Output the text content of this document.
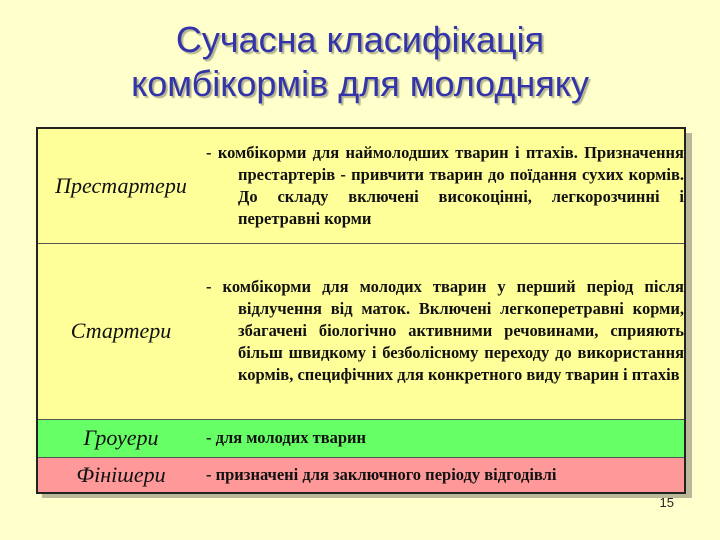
Сучасна класифікація
комбікормів для молодняку
Престартери	- комбікорми для наймолодших тварин і птахів. Призначення престартерів - привчити тварин до поїдання сухих кормів. До складу включені високоцінні, легкорозчинні і перетравні корми

Стартери	- комбікорми для молодих тварин у перший період після відлучення від маток. Включені легкоперетравні корми, збагачені біологічно активними речовинами, сприяють більш швидкому і безболісному переходу до використання кормів, специфічних для конкретного виду тварин і птахів

Гроуери	- для молодих тварин

Фінішери	- призначені для заключного періоду відгодівлі
15
